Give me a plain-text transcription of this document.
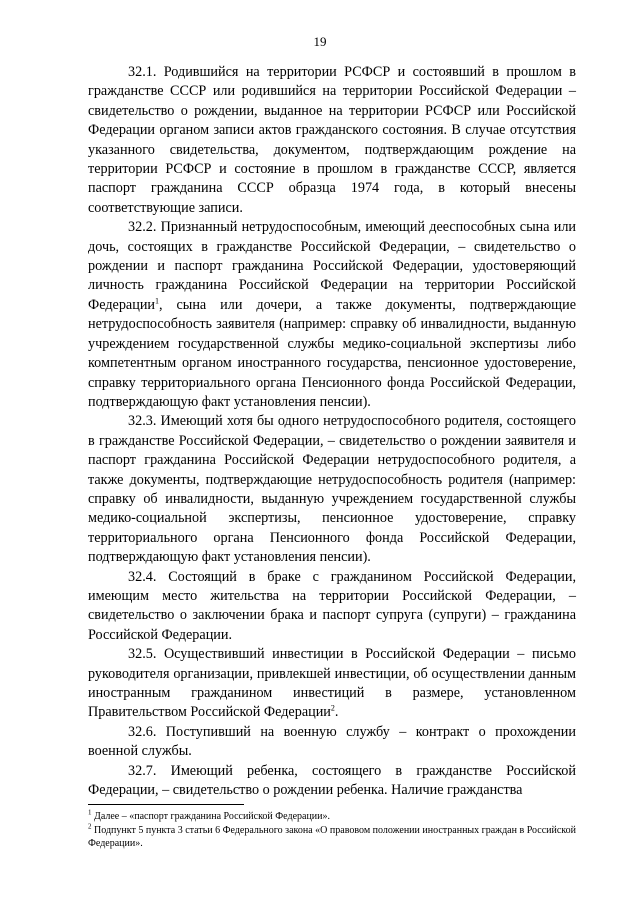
19

32.1. Родившийся на территории РСФСР и состоявший в прошлом в гражданстве СССР или родившийся на территории Российской Федерации – свидетельство о рождении, выданное на территории РСФСР или Российской Федерации органом записи актов гражданского состояния. В случае отсутствия указанного свидетельства, документом, подтверждающим рождение на территории РСФСР и состояние в прошлом в гражданстве СССР, является паспорт гражданина СССР образца 1974 года, в который внесены соответствующие записи.

32.2. Признанный нетрудоспособным, имеющий дееспособных сына или дочь, состоящих в гражданстве Российской Федерации, – свидетельство о рождении и паспорт гражданина Российской Федерации, удостоверяющий личность гражданина Российской Федерации на территории Российской Федерации$^1$, сына или дочери, а также документы, подтверждающие нетрудоспособность заявителя (например: справку об инвалидности, выданную учреждением государственной службы медико-социальной экспертизы либо компетентным органом иностранного государства, пенсионное удостоверение, справку территориального органа Пенсионного фонда Российской Федерации, подтверждающую факт установления пенсии).

32.3. Имеющий хотя бы одного нетрудоспособного родителя, состоящего в гражданстве Российской Федерации, – свидетельство о рождении заявителя и паспорт гражданина Российской Федерации нетрудоспособного родителя, а также документы, подтверждающие нетрудоспособность родителя (например: справку об инвалидности, выданную учреждением государственной службы медико-социальной экспертизы, пенсионное удостоверение, справку территориального органа Пенсионного фонда Российской Федерации, подтверждающую факт установления пенсии).

32.4. Состоящий в браке с гражданином Российской Федерации, имеющим место жительства на территории Российской Федерации, – свидетельство о заключении брака и паспорт супруга (супруги) – гражданина Российской Федерации.

32.5. Осуществивший инвестиции в Российской Федерации – письмо руководителя организации, привлекшей инвестиции, об осуществлении данным иностранным гражданином инвестиций в размере, установленном Правительством Российской Федерации$^2$.

32.6. Поступивший на военную службу – контракт о прохождении военной службы.

32.7. Имеющий ребенка, состоящего в гражданстве Российской Федерации, – свидетельство о рождении ребенка. Наличие гражданства

$^1$ Далее – «паспорт гражданина Российской Федерации».

$^2$ Подпункт 5 пункта 3 статьи 6 Федерального закона «О правовом положении иностранных граждан в Российской Федерации».
